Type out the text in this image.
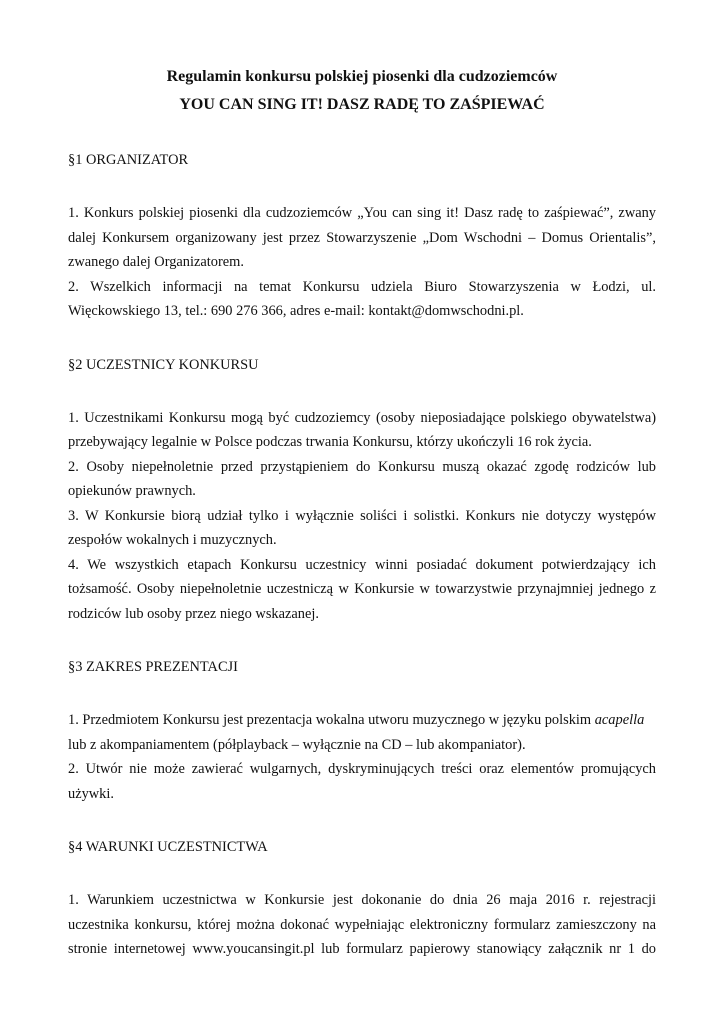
Regulamin konkursu polskiej piosenki dla cudzoziemców

YOU CAN SING IT! DASZ RADĘ TO ZAŚPIEWAĆ

§1 ORGANIZATOR

1. Konkurs polskiej piosenki dla cudzoziemców „You can sing it! Dasz radę to zaśpiewać”, zwany
dalej Konkursem organizowany jest przez Stowarzyszenie „Dom Wschodni – Domus Orientalis”,
zwanego dalej Organizatorem.
2. Wszelkich informacji na temat Konkursu udziela Biuro Stowarzyszenia w Łodzi, ul.
Więckowskiego 13, tel.: 690 276 366, adres e-mail: kontakt@domwschodni.pl.

§2 UCZESTNICY KONKURSU

1. Uczestnikami Konkursu mogą być cudzoziemcy (osoby nieposiadające polskiego obywatelstwa)
przebywający legalnie w Polsce podczas trwania Konkursu, którzy ukończyli 16 rok życia.
2. Osoby niepełnoletnie przed przystąpieniem do Konkursu muszą okazać zgodę rodziców lub
opiekunów prawnych.
3. W Konkursie biorą udział tylko i wyłącznie soliści i solistki. Konkurs nie dotyczy występów
zespołów wokalnych i muzycznych.
4. We wszystkich etapach Konkursu uczestnicy winni posiadać dokument potwierdzający ich
tożsamość. Osoby niepełnoletnie uczestniczą w Konkursie w towarzystwie przynajmniej jednego z
rodziców lub osoby przez niego wskazanej.

§3 ZAKRES PREZENTACJI

1. Przedmiotem Konkursu jest prezentacja wokalna utworu muzycznego w języku polskim acapella
lub z akompaniamentem (półplayback – wyłącznie na CD – lub akompaniator).
2. Utwór nie może zawierać wulgarnych, dyskryminujących treści oraz elementów promujących
używki.

§4 WARUNKI UCZESTNICTWA

1. Warunkiem uczestnictwa w Konkursie jest dokonanie do dnia 26 maja 2016 r. rejestracji
uczestnika konkursu, której można dokonać wypełniając elektroniczny formularz zamieszczony na
stronie internetowej www.youcansingit.pl lub formularz papierowy stanowiący załącznik nr 1 do
